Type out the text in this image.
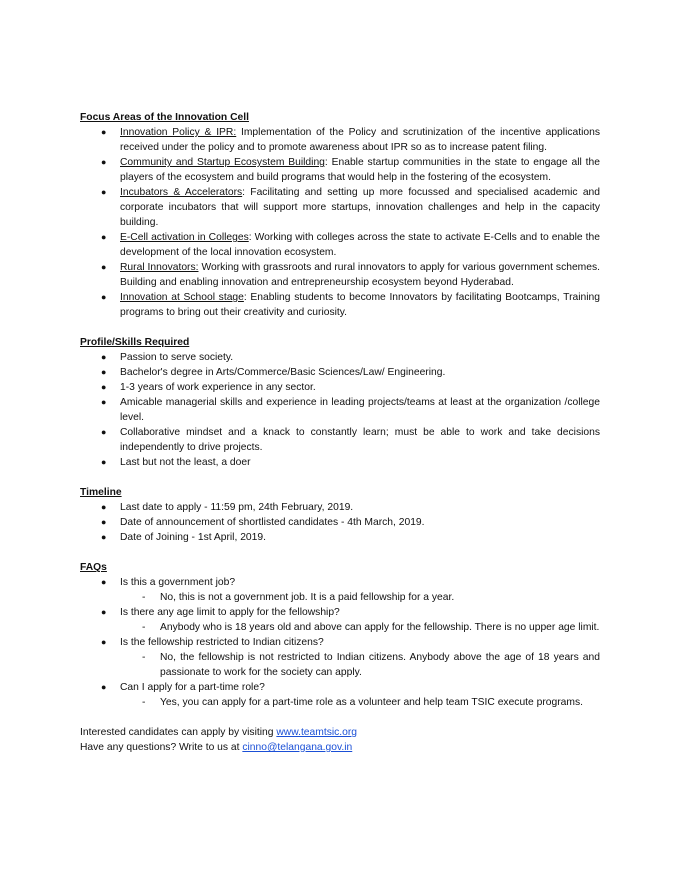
Focus Areas of the Innovation Cell

● Innovation Policy & IPR: Implementation of the Policy and scrutinization of the incentive applications received under the policy and to promote awareness about IPR so as to increase patent filing.
● Community and Startup Ecosystem Building: Enable startup communities in the state to engage all the players of the ecosystem and build programs that would help in the fostering of the ecosystem.
● Incubators & Accelerators: Facilitating and setting up more focussed and specialised academic and corporate incubators that will support more startups, innovation challenges and help in the capacity building.
● E-Cell activation in Colleges: Working with colleges across the state to activate E-Cells and to enable the development of the local innovation ecosystem.
● Rural Innovators: Working with grassroots and rural innovators to apply for various government schemes. Building and enabling innovation and entrepreneurship ecosystem beyond Hyderabad.
● Innovation at School stage: Enabling students to become Innovators by facilitating Bootcamps, Training programs to bring out their creativity and curiosity.

Profile/Skills Required

● Passion to serve society.
● Bachelor's degree in Arts/Commerce/Basic Sciences/Law/ Engineering.
● 1-3 years of work experience in any sector.
● Amicable managerial skills and experience in leading projects/teams at least at the organization /college level.
● Collaborative mindset and a knack to constantly learn; must be able to work and take decisions independently to drive projects.
● Last but not the least, a doer

Timeline

● Last date to apply - 11:59 pm, 24th February, 2019.
● Date of announcement of shortlisted candidates - 4th March, 2019.
● Date of Joining - 1st April, 2019.

FAQs

● Is this a government job?
- No, this is not a government job. It is a paid fellowship for a year.
● Is there any age limit to apply for the fellowship?
- Anybody who is 18 years old and above can apply for the fellowship. There is no upper age limit.
● Is the fellowship restricted to Indian citizens?
- No, the fellowship is not restricted to Indian citizens. Anybody above the age of 18 years and passionate to work for the society can apply.
● Can I apply for a part-time role?
- Yes, you can apply for a part-time role as a volunteer and help team TSIC execute programs.

Interested candidates can apply by visiting www.teamtsic.org

Have any questions? Write to us at cinno@telangana.gov.in
